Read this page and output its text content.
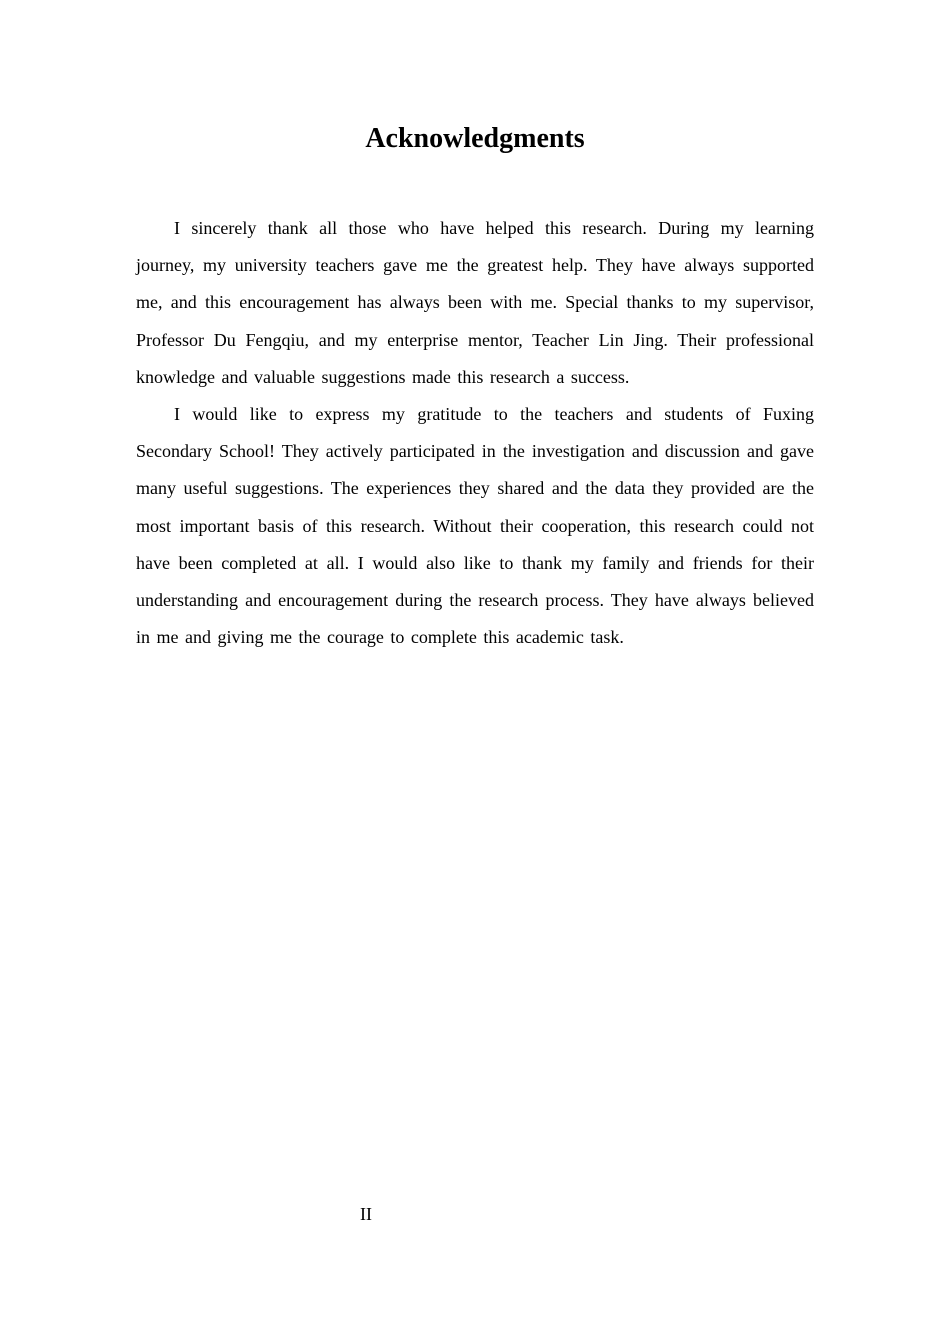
Acknowledgments

I sincerely thank all those who have helped this research. During my learning journey, my university teachers gave me the greatest help. They have always supported me, and this encouragement has always been with me. Special thanks to my supervisor, Professor Du Fengqiu, and my enterprise mentor, Teacher Lin Jing. Their professional knowledge and valuable suggestions made this research a success.

I would like to express my gratitude to the teachers and students of Fuxing Secondary School! They actively participated in the investigation and discussion and gave many useful suggestions. The experiences they shared and the data they provided are the most important basis of this research. Without their cooperation, this research could not have been completed at all. I would also like to thank my family and friends for their understanding and encouragement during the research process. They have always believed in me and giving me the courage to complete this academic task.

II
